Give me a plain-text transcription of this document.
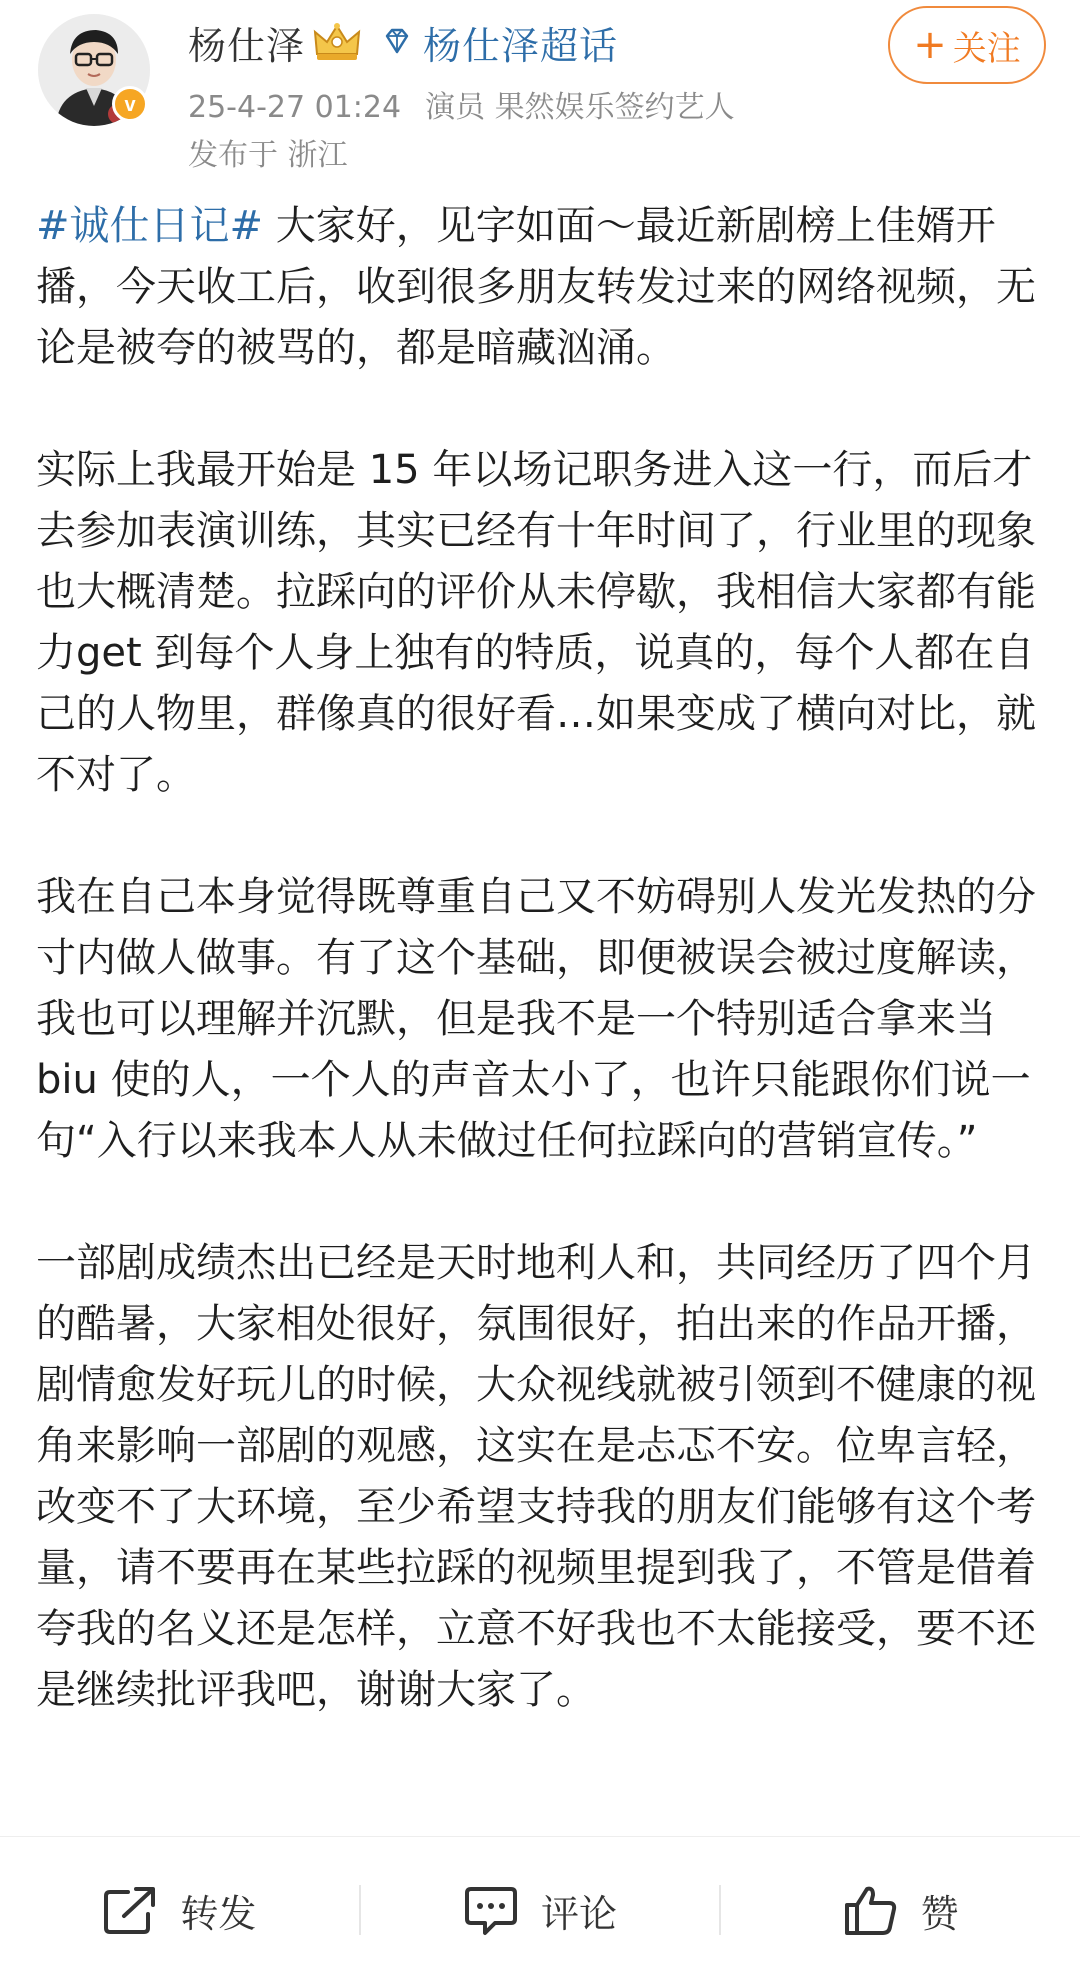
v
杨仕泽	杨仕泽超话	+ 关注
25-4-27 01:24 演员 果然娱乐签约艺人
发布于 浙江

#诚仕日记# 大家好，见字如面～最近新剧榜上佳婿开播，今天收工后，收到很多朋友转发过来的网络视频，无论是被夸的被骂的，都是暗藏汹涌。

实际上我最开始是 15 年以场记职务进入这一行，而后才去参加表演训练，其实已经有十年时间了，行业里的现象也大概清楚。拉踩向的评价从未停歇，我相信大家都有能力get 到每个人身上独有的特质，说真的，每个人都在自己的人物里，群像真的很好看…如果变成了横向对比，就不对了。

我在自己本身觉得既尊重自己又不妨碍别人发光发热的分寸内做人做事。有了这个基础，即便被误会被过度解读，我也可以理解并沉默，但是我不是一个特别适合拿来当 biu 使的人，一个人的声音太小了，也许只能跟你们说一句“入行以来我本人从未做过任何拉踩向的营销宣传。”

一部剧成绩杰出已经是天时地利人和，共同经历了四个月的酷暑，大家相处很好，氛围很好，拍出来的作品开播，剧情愈发好玩儿的时候，大众视线就被引领到不健康的视角来影响一部剧的观感，这实在是忐忑不安。位卑言轻，改变不了大环境，至少希望支持我的朋友们能够有这个考量，请不要再在某些拉踩的视频里提到我了，不管是借着夸我的名义还是怎样，立意不好我也不太能接受，要不还是继续批评我吧，谢谢大家了。

转发	评论	赞
